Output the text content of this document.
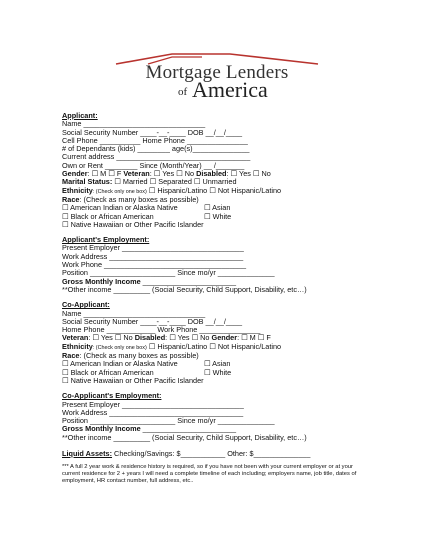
Mortgage Lenders
of America
Applicant:
Name ______________________________
Social Security Number ____-__-____ DOB __/__/____
Cell Phone __________ Home Phone _______________
# of Dependants (kids) ________ age(s)______________
Current address _________________________________
Own or Rent ________ Since (Month/Year) __ /_______
Gender: ☐ M ☐ F Veteran: ☐ Yes ☐ No Disabled: ☐ Yes ☐ No
Marital Status: ☐ Married ☐ Separated ☐ Unmarried
Ethnicity: (Check only one box) ☐ Hispanic/Latino ☐ Not Hispanic/Latino
Race: (Check as many boxes as possible)
☐ American Indian or Alaska Native	☐ Asian
☐ Black or African American	☐ White
☐ Native Hawaiian or Other Pacific Islander
Applicant's Employment:
Present Employer ______________________________
Work Address _________________________________
Work Phone ___________________________________
Position _____________________ Since mo/yr ______________
Gross Monthly Income _______________________
**Other income _________ (Social Security, Child Support, Disability, etc…)
Co-Applicant:
Name ______________________________
Social Security Number ____-__-____ DOB __/__/____
Home Phone ____________ Work Phone _______________
Veteran: ☐ Yes ☐ No Disabled: ☐ Yes ☐ No Gender: ☐ M ☐ F
Ethnicity: (Check only one box) ☐ Hispanic/Latino ☐ Not Hispanic/Latino
Race: (Check as many boxes as possible)
☐ American Indian or Alaska Native	☐ Asian
☐ Black or African American	☐ White
☐ Native Hawaiian or Other Pacific Islander
Co-Applicant's Employment:
Present Employer ______________________________
Work Address _________________________________
Position _____________________ Since mo/yr ______________
Gross Monthly Income _______________________
**Other income _________ (Social Security, Child Support, Disability, etc…)
Liquid Assets: Checking/Savings: $___________ Other: $______________
*** A full 2 year work & residence history is required, so if you have not been with your current employer or at your current residence for 2 + years I will need a complete timeline of each including; employers name, job title, dates of employment, HR contact number, full address, etc..
